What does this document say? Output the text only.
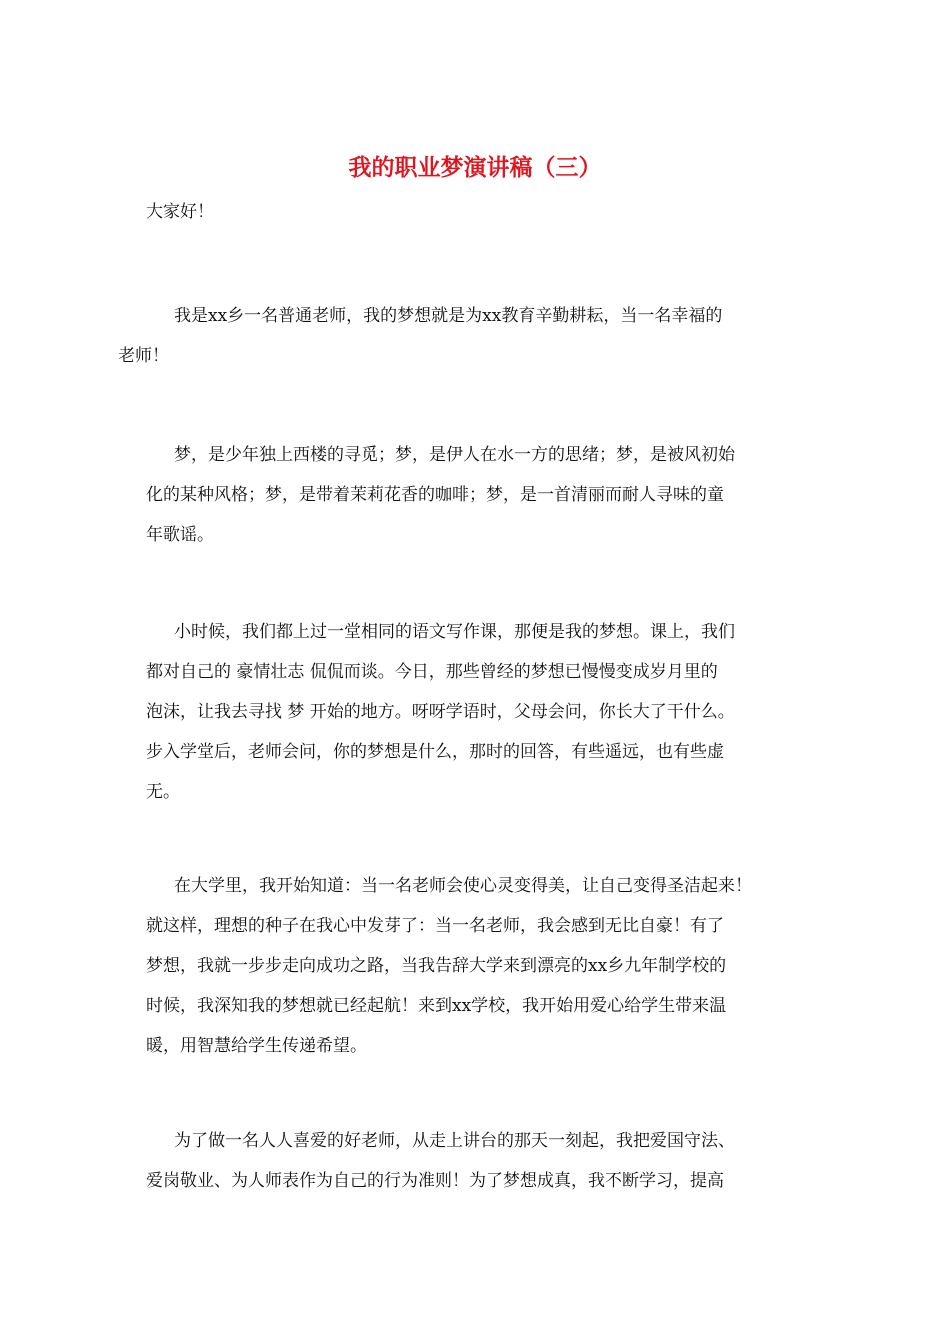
我的职业梦演讲稿（三）
大家好！
我是xx乡一名普通老师，我的梦想就是为xx教育辛勤耕耘，当一名幸福的
老师！
梦，是少年独上西楼的寻觅；梦，是伊人在水一方的思绪；梦，是被风初始
化的某种风格；梦，是带着茉莉花香的咖啡；梦，是一首清丽而耐人寻味的童
年歌谣。
小时候，我们都上过一堂相同的语文写作课，那便是我的梦想。课上，我们
都对自己的 豪情壮志 侃侃而谈。今日，那些曾经的梦想已慢慢变成岁月里的
泡沫，让我去寻找 梦 开始的地方。呀呀学语时，父母会问，你长大了干什么。
步入学堂后，老师会问，你的梦想是什么，那时的回答，有些遥远，也有些虚
无。
在大学里，我开始知道：当一名老师会使心灵变得美，让自己变得圣洁起来！
就这样，理想的种子在我心中发芽了：当一名老师，我会感到无比自豪！有了
梦想，我就一步步走向成功之路，当我告辞大学来到漂亮的xx乡九年制学校的
时候，我深知我的梦想就已经起航！来到xx学校，我开始用爱心给学生带来温
暖，用智慧给学生传递希望。
为了做一名人人喜爱的好老师，从走上讲台的那天一刻起，我把爱国守法、
爱岗敬业、为人师表作为自己的行为准则！为了梦想成真，我不断学习，提高
